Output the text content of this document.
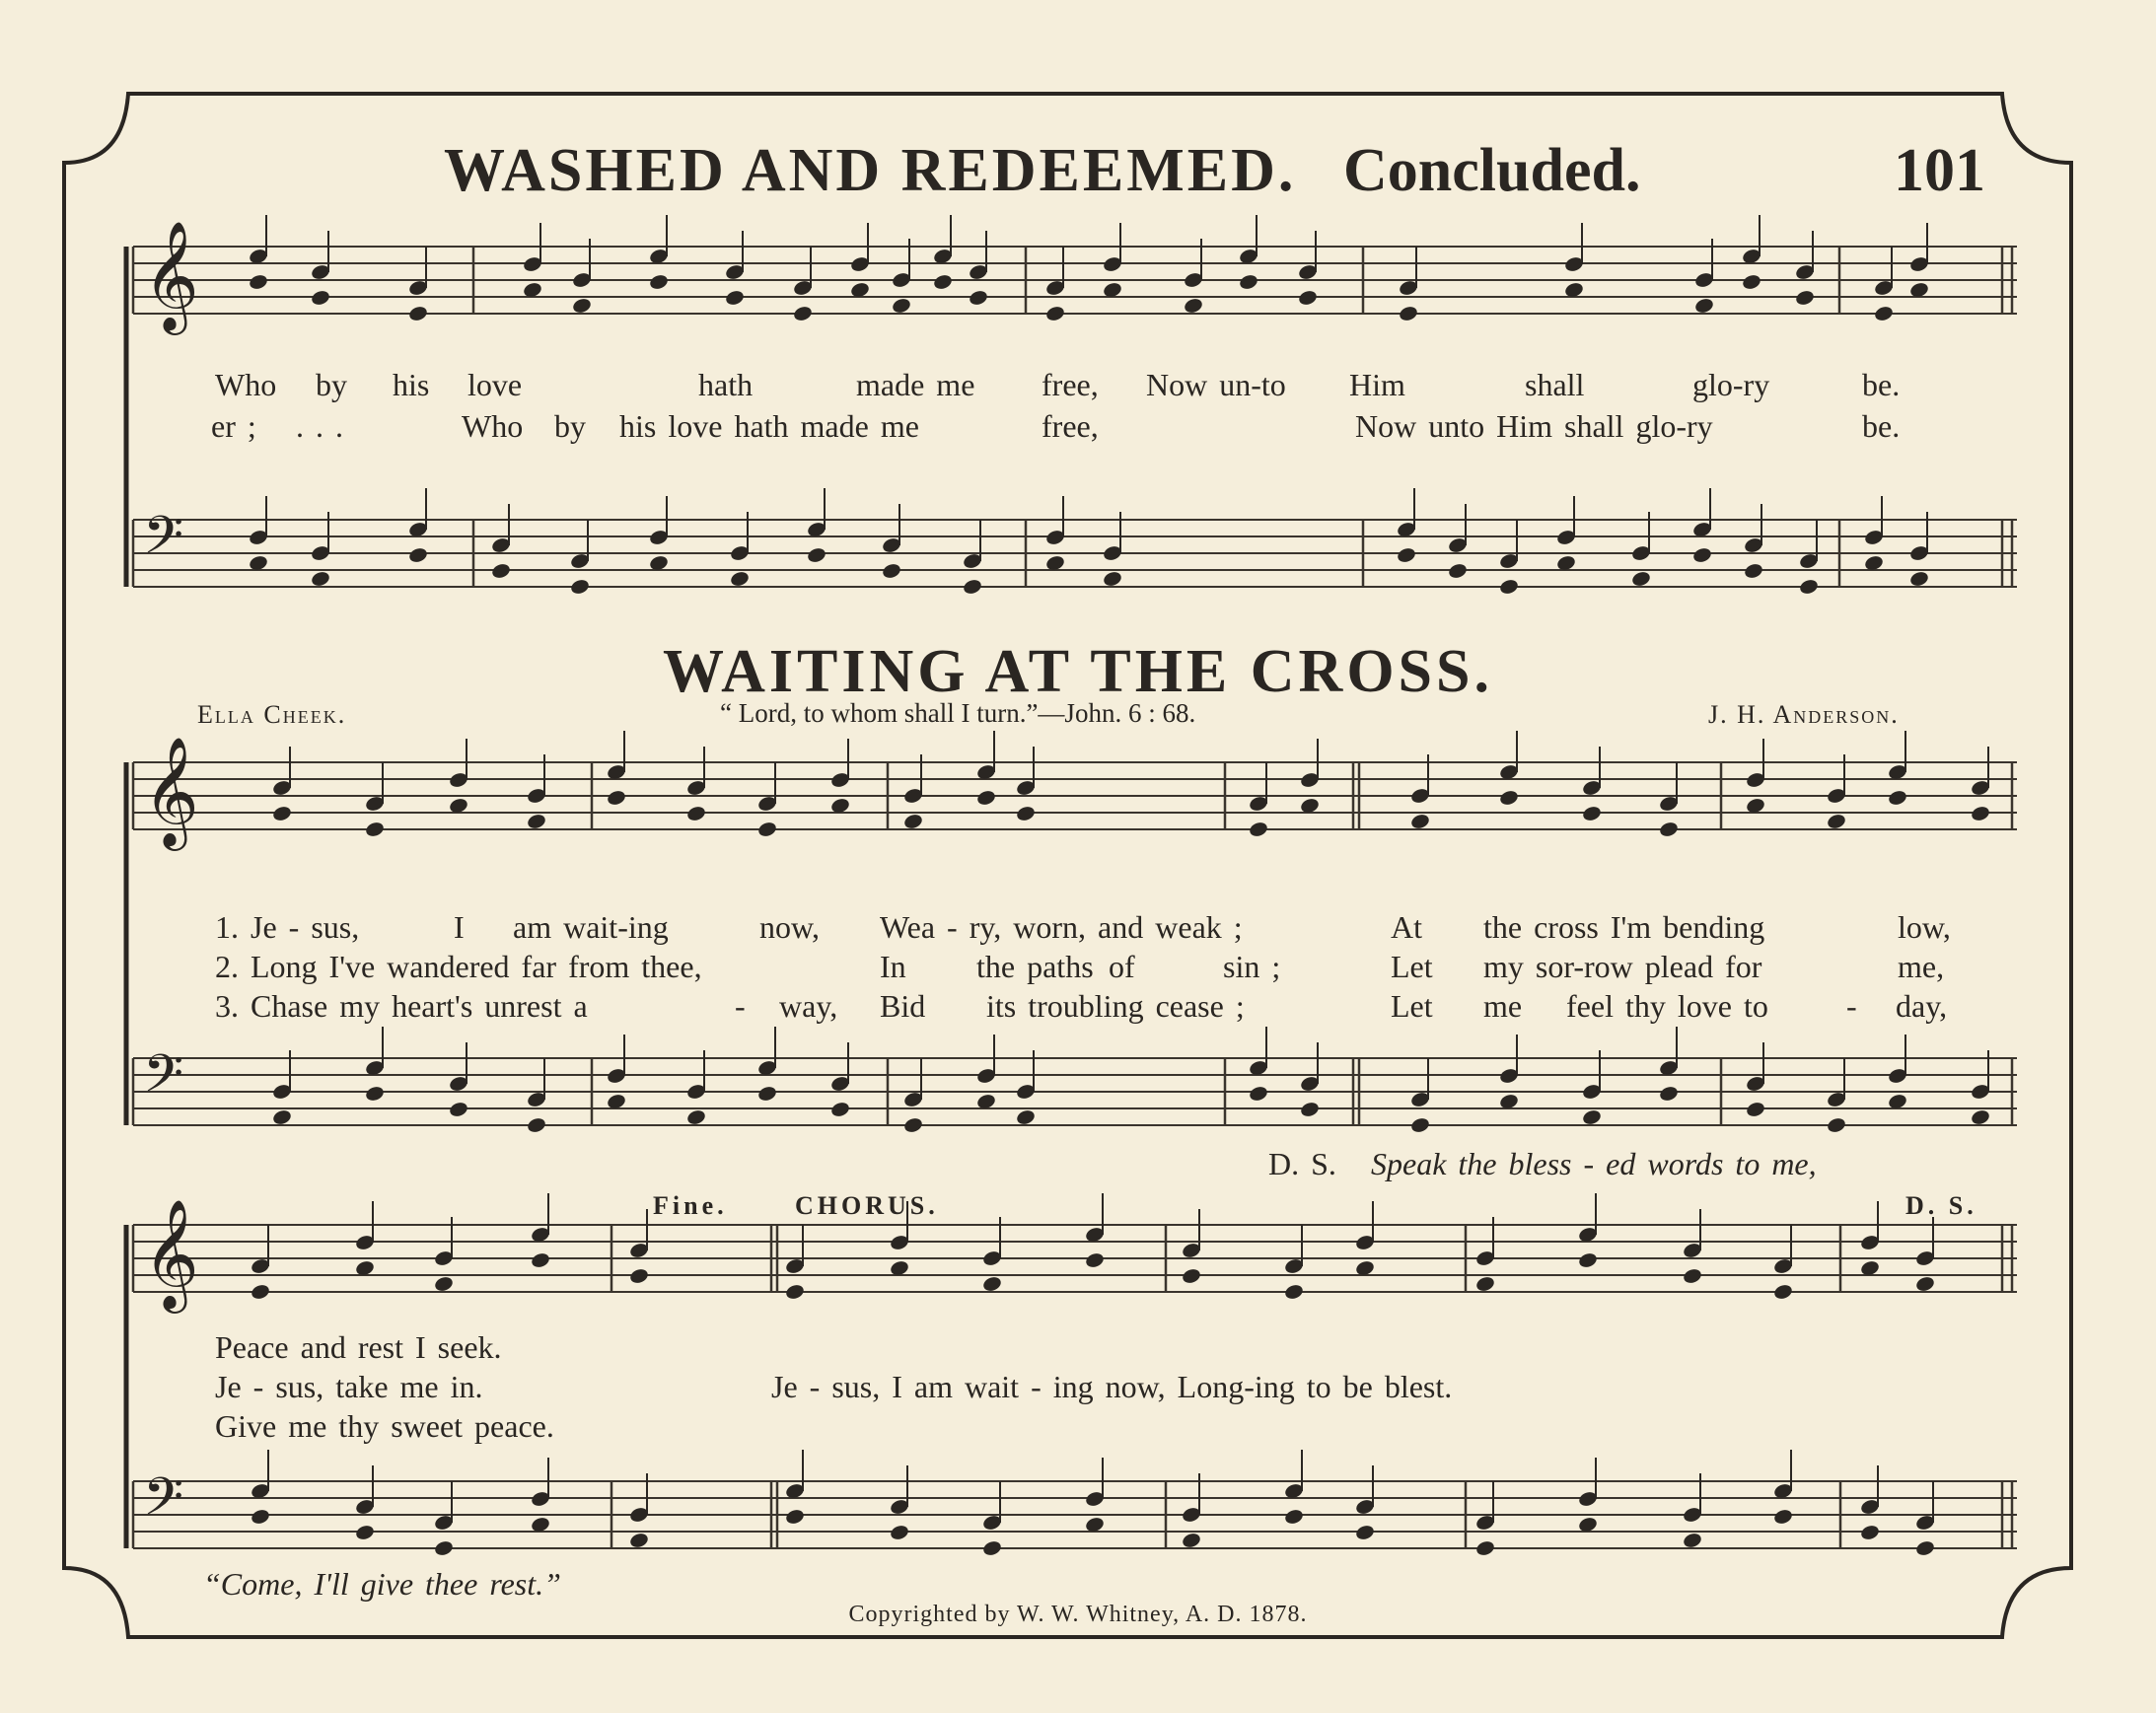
𝄞
𝄢
𝄞
𝄢
𝄞
𝄢
WASHED AND REDEEMED. Concluded.	101
Who by his love	hath	made me free, Now un-to Him	shall	glo-ry	be.
er ; . . .	Who by his love hath made me	free,	Now unto Him shall glo-ry	be.
WAITING AT THE CROSS.
Ella Cheek.	“ Lord, to whom shall I turn.”—John. 6 : 68.	J. H. Anderson.
1. Je - sus,	I am wait-ing	now, Wea - ry, worn, and weak ;	At the cross I'm bending	low,
2. Long I've wandered far from thee,	In the paths of	sin ;	Let my sor-row plead for	me,
3. Chase my heart's unrest a	- way, Bid its troubling cease ;	Let me feel thy love to - day,
D. S. Speak the bless - ed words to me,
Fine.	CHORUS.	D. S.
Peace and rest I seek.
Je - sus, take me in.
Give me thy sweet peace.
Je - sus, I am wait - ing now, Long-ing to be blest.
“Come, I'll give thee rest.”
Copyrighted by W. W. Whitney, A. D. 1878.
